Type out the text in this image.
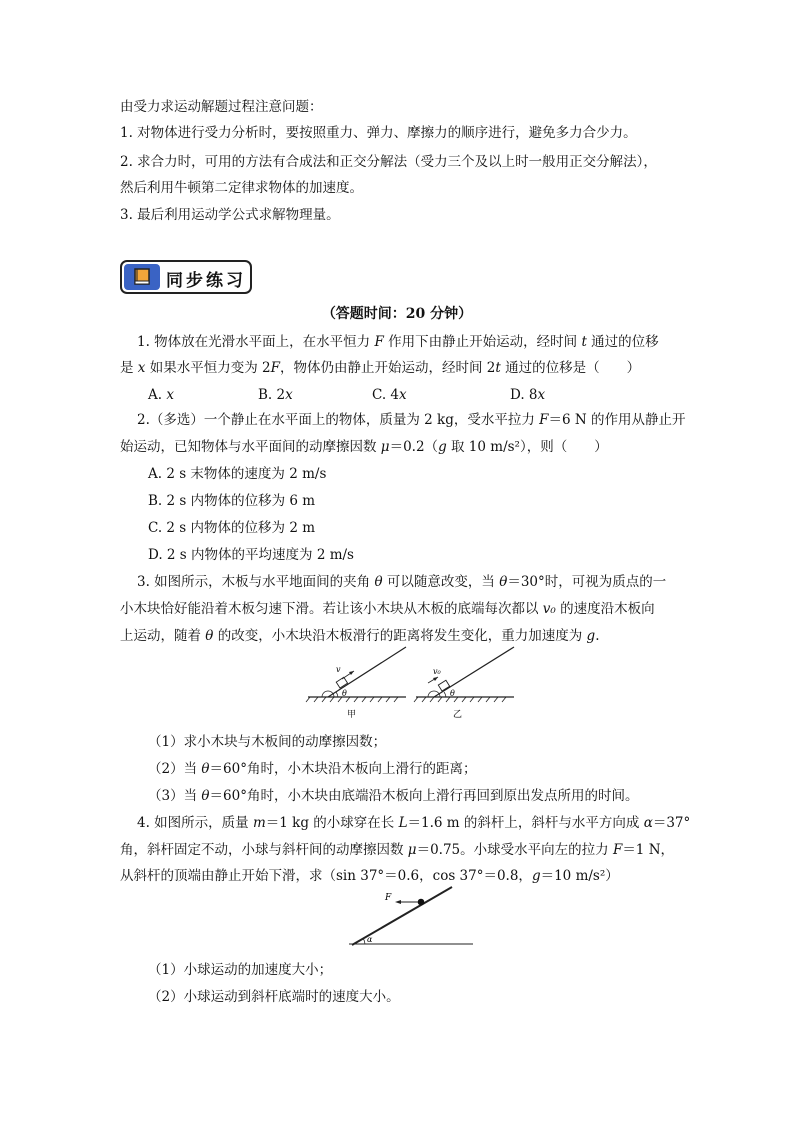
由受力求运动解题过程注意问题：
1. 对物体进行受力分析时，要按照重力、弹力、摩擦力的顺序进行，避免多力合少力。
2. 求合力时，可用的方法有合成法和正交分解法（受力三个及以上时一般用正交分解法），
然后利用牛顿第二定律求物体的加速度。
3. 最后利用运动学公式求解物理量。
同步练习
（答题时间：20 分钟）
1. 物体放在光滑水平面上，在水平恒力 F 作用下由静止开始运动，经时间 t 通过的位移
是 x 如果水平恒力变为 2F，物体仍由静止开始运动，经时间 2t 通过的位移是（　　）
A. x	B. 2x	C. 4x	D. 8x
2.（多选）一个静止在水平面上的物体，质量为 2 kg，受水平拉力 F＝6 N 的作用从静止开
始运动，已知物体与水平面间的动摩擦因数 μ＝0.2（g 取 10 m/s²），则（　　）
A. 2 s 末物体的速度为 2 m/s
B. 2 s 内物体的位移为 6 m
C. 2 s 内物体的位移为 2 m
D. 2 s 内物体的平均速度为 2 m/s
3. 如图所示，木板与水平地面间的夹角 θ 可以随意改变，当 θ＝30°时，可视为质点的一
小木块恰好能沿着木板匀速下滑。若让该小木块从木板的底端每次都以 v₀ 的速度沿木板向
上运动，随着 θ 的改变，小木块沿木板滑行的距离将发生变化，重力加速度为 g.
v
θ
甲
v₀
θ
乙
（1）求小木块与木板间的动摩擦因数；
（2）当 θ＝60°角时，小木块沿木板向上滑行的距离；
（3）当 θ＝60°角时，小木块由底端沿木板向上滑行再回到原出发点所用的时间。
4. 如图所示，质量 m＝1 kg 的小球穿在长 L＝1.6 m 的斜杆上，斜杆与水平方向成 α＝37°
角，斜杆固定不动，小球与斜杆间的动摩擦因数 μ＝0.75。小球受水平向左的拉力 F＝1 N，
从斜杆的顶端由静止开始下滑，求（sin 37°＝0.6，cos 37°＝0.8，g＝10 m/s²）
F
α
（1）小球运动的加速度大小；
（2）小球运动到斜杆底端时的速度大小。
